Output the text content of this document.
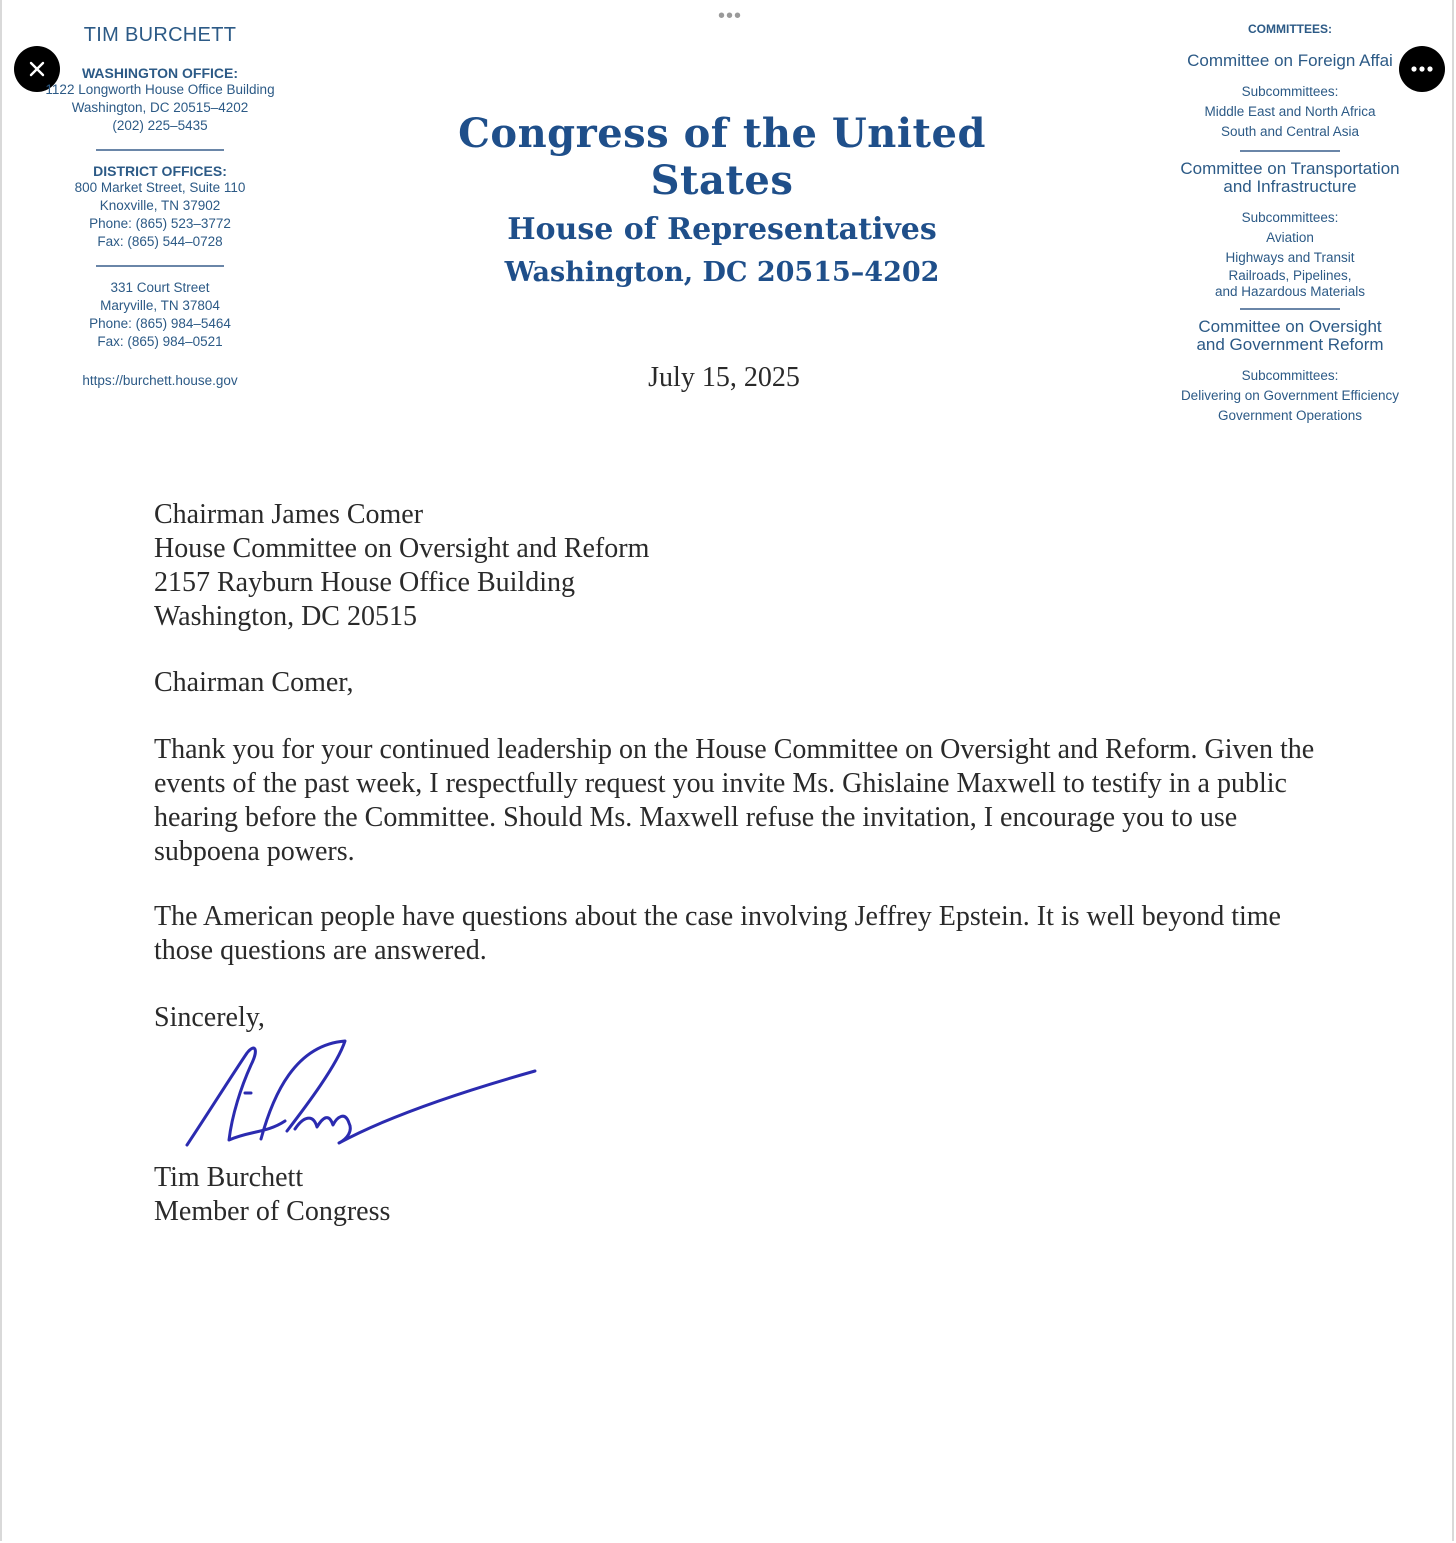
•••
TIM BURCHETT
WASHINGTON OFFICE:
1122 Longworth House Office Building
Washington, DC 20515–4202
(202) 225–5435
DISTRICT OFFICES:
800 Market Street, Suite 110
Knoxville, TN 37902
Phone: (865) 523–3772
Fax: (865) 544–0728
331 Court Street
Maryville, TN 37804
Phone: (865) 984–5464
Fax: (865) 984–0521
https://burchett.house.gov
Congress of the United States
House of Representatives
Washington, DC 20515–4202
COMMITTEES:
Committee on Foreign Affai
Subcommittees:
Middle East and North Africa
South and Central Asia
Committee on Transportation
and Infrastructure
Subcommittees:
Aviation
Highways and Transit
Railroads, Pipelines,
and Hazardous Materials
Committee on Oversight
and Government Reform
Subcommittees:
Delivering on Government Efficiency
Government Operations
July 15, 2025
Chairman James Comer
House Committee on Oversight and Reform
2157 Rayburn House Office Building
Washington, DC 20515
Chairman Comer,
Thank you for your continued leadership on the House Committee on Oversight and Reform. Given the events of the past week, I respectfully request you invite Ms. Ghislaine Maxwell to testify in a public hearing before the Committee. Should Ms. Maxwell refuse the invitation, I encourage you to use subpoena powers.
The American people have questions about the case involving Jeffrey Epstein. It is well beyond time those questions are answered.
Sincerely,
Tim Burchett
Member of Congress
